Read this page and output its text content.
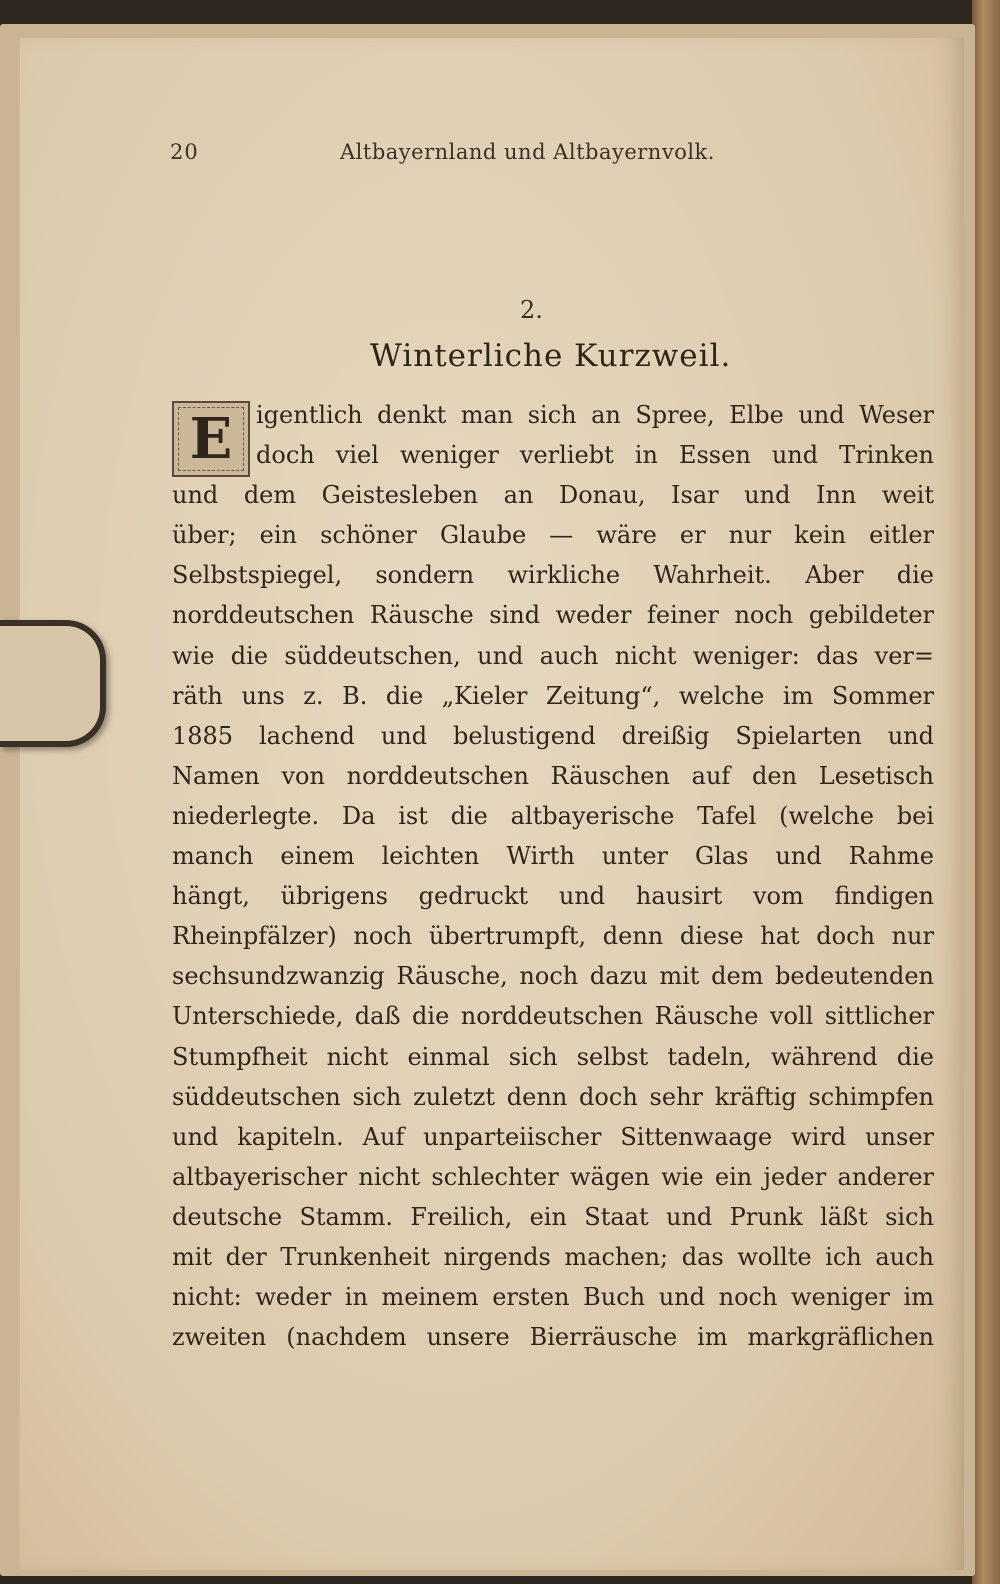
20	Altbayernland und Altbayernvolk.
2.
Winterliche Kurzweil.
E igentlich denkt man sich an Spree, Elbe und Weser
doch viel weniger verliebt in Essen und Trinken
und dem Geistesleben an Donau, Isar und Inn weit
über; ein schöner Glaube — wäre er nur kein eitler
Selbstspiegel, sondern wirkliche Wahrheit. Aber die
norddeutschen Räusche sind weder feiner noch gebildeter
wie die süddeutschen, und auch nicht weniger: das ver=
räth uns z. B. die „Kieler Zeitung“, welche im Sommer
1885 lachend und belustigend dreißig Spielarten und
Namen von norddeutschen Räuschen auf den Lesetisch
niederlegte. Da ist die altbayerische Tafel (welche bei
manch einem leichten Wirth unter Glas und Rahme
hängt, übrigens gedruckt und hausirt vom findigen
Rheinpfälzer) noch übertrumpft, denn diese hat doch nur
sechsundzwanzig Räusche, noch dazu mit dem bedeutenden
Unterschiede, daß die norddeutschen Räusche voll sittlicher
Stumpfheit nicht einmal sich selbst tadeln, während die
süddeutschen sich zuletzt denn doch sehr kräftig schimpfen
und kapiteln. Auf unparteiischer Sittenwaage wird unser
altbayerischer nicht schlechter wägen wie ein jeder anderer
deutsche Stamm. Freilich, ein Staat und Prunk läßt sich
mit der Trunkenheit nirgends machen; das wollte ich auch
nicht: weder in meinem ersten Buch und noch weniger im
zweiten (nachdem unsere Bierräusche im markgräflichen
